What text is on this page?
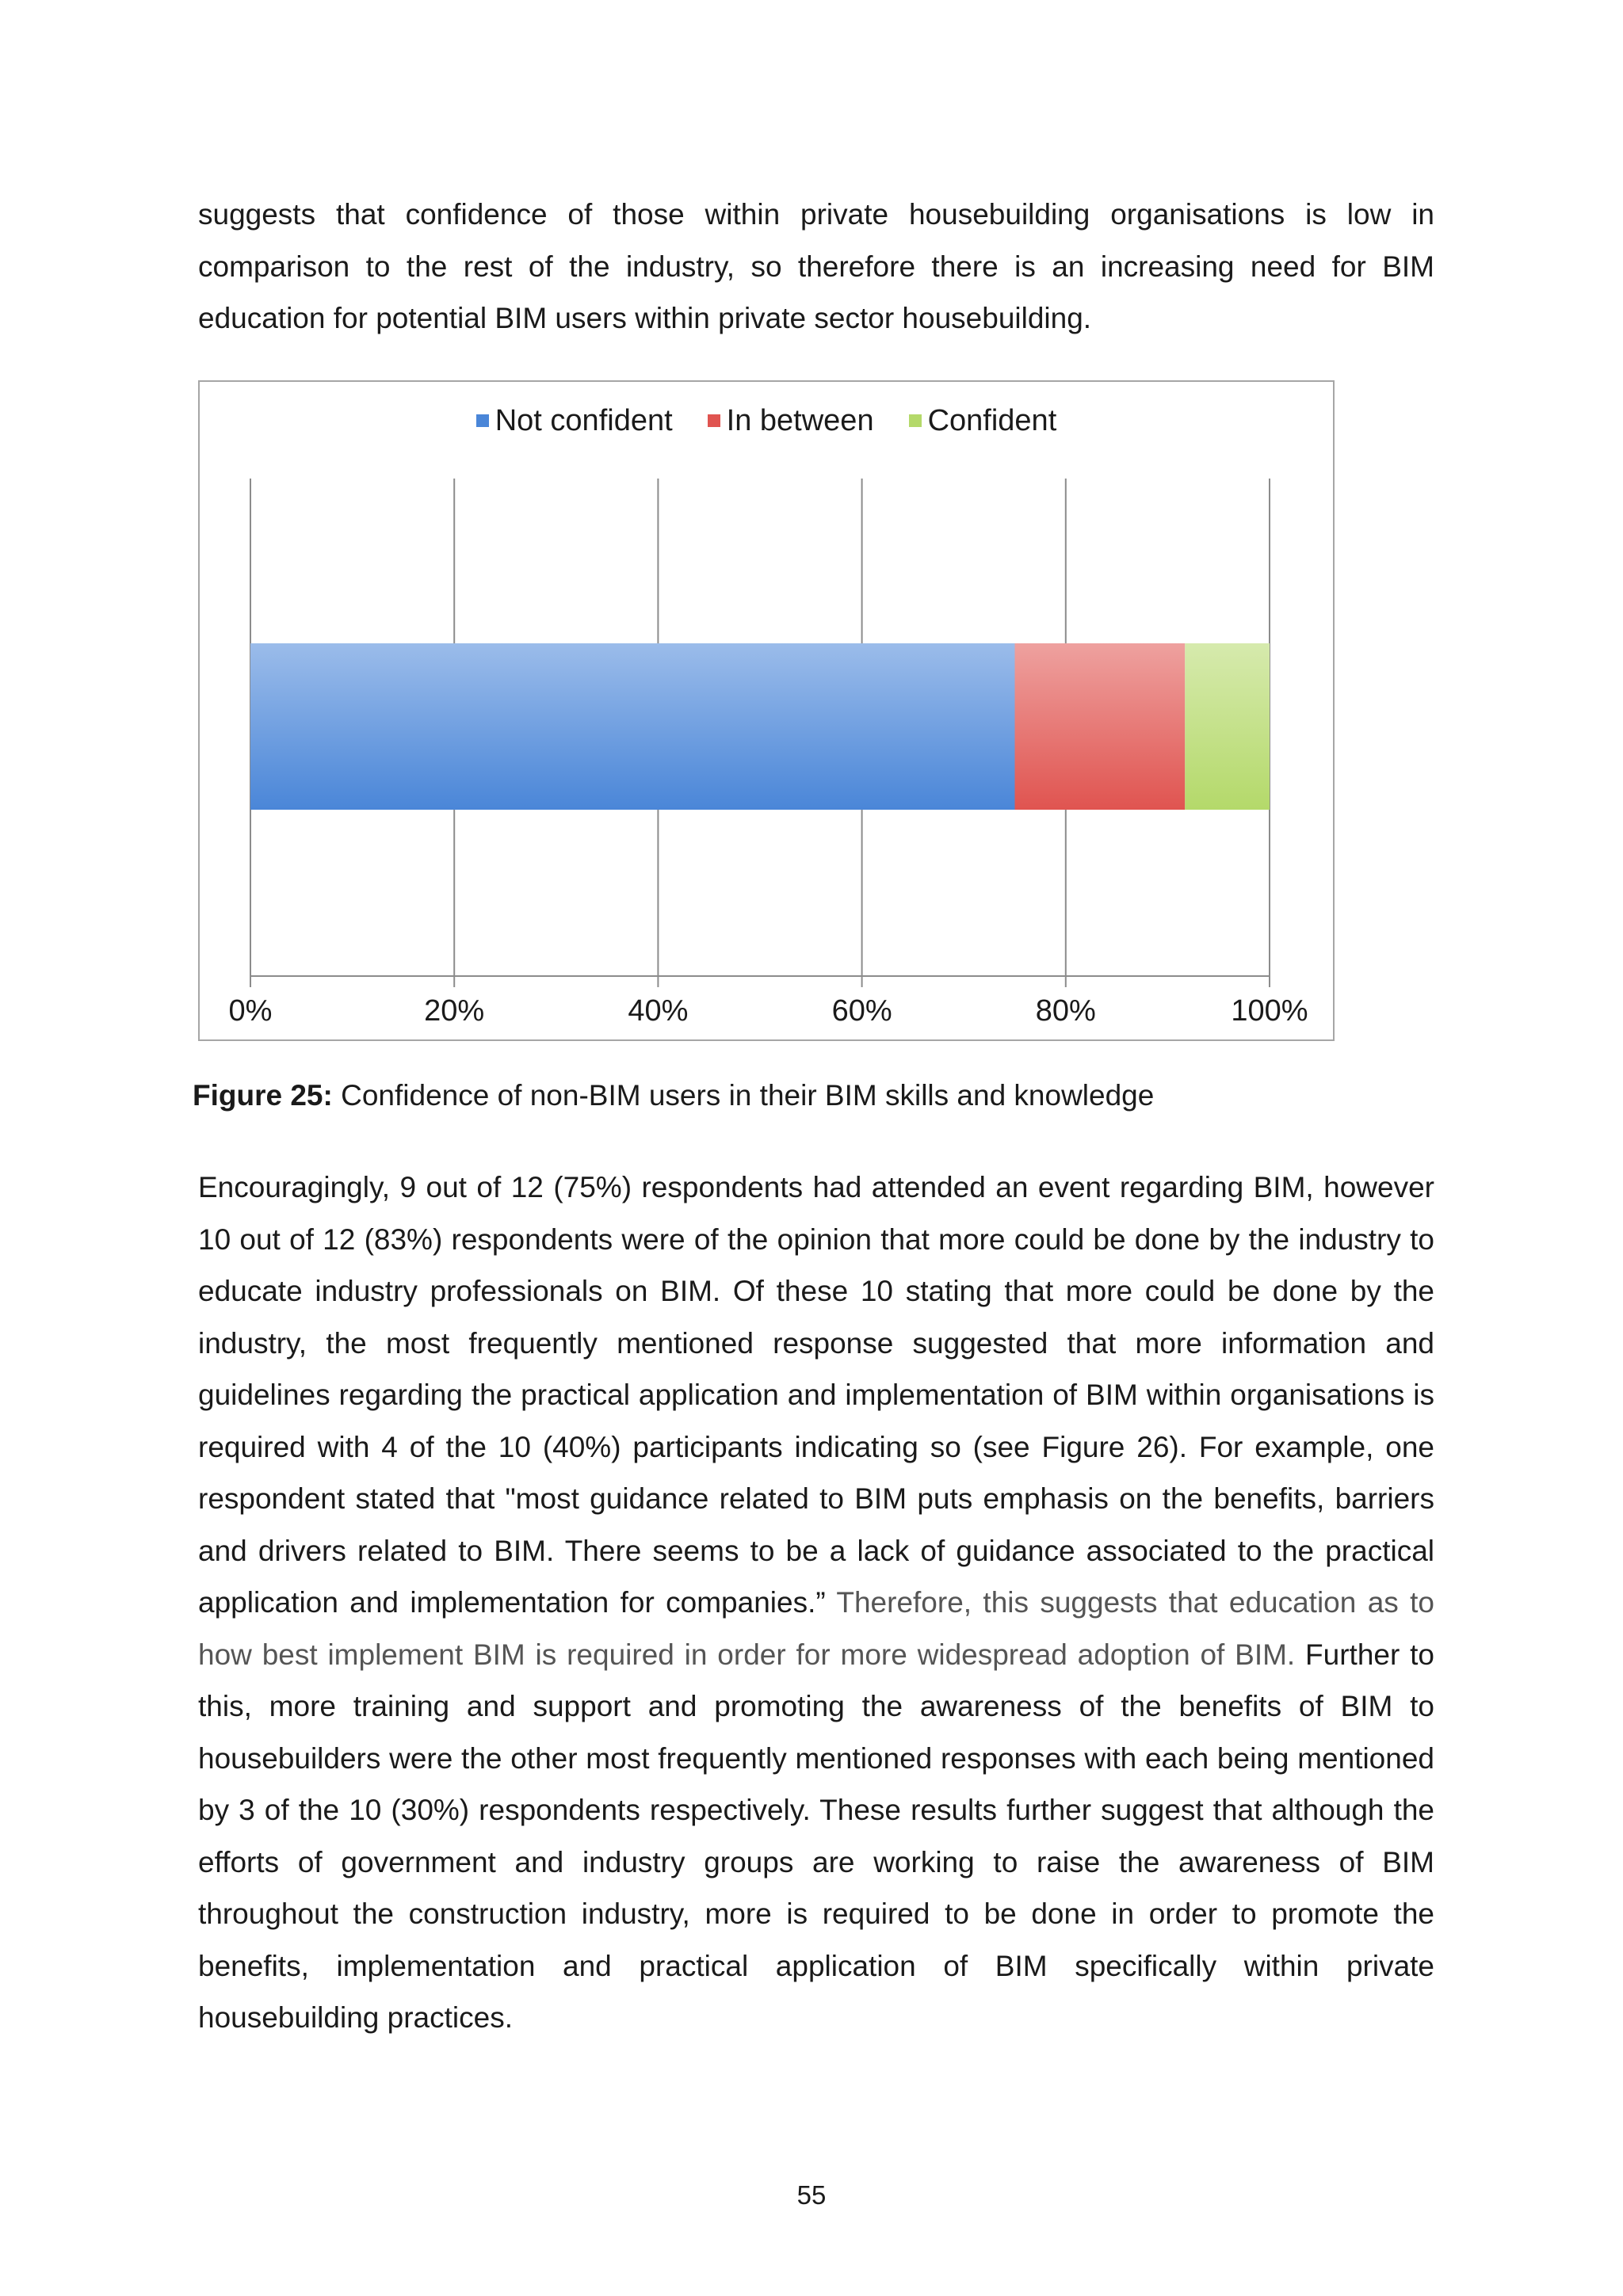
suggests that confidence of those within private housebuilding organisations is low in comparison to the rest of the industry, so therefore there is an increasing need for BIM education for potential BIM users within private sector housebuilding.

Not confident In between Confident
0%	20%	40%	60%	80%	100%

Figure 25: Confidence of non-BIM users in their BIM skills and knowledge

Encouragingly, 9 out of 12 (75%) respondents had attended an event regarding BIM, however 10 out of 12 (83%) respondents were of the opinion that more could be done by the industry to educate industry professionals on BIM. Of these 10 stating that more could be done by the industry, the most frequently mentioned response suggested that more information and guidelines regarding the practical application and implementation of BIM within organisations is required with 4 of the 10 (40%) participants indicating so (see Figure 26). For example, one respondent stated that "most guidance related to BIM puts emphasis on the benefits, barriers and drivers related to BIM. There seems to be a lack of guidance associated to the practical application and implementation for companies.” Therefore, this suggests that education as to how best implement BIM is required in order for more widespread adoption of BIM. Further to this, more training and support and promoting the awareness of the benefits of BIM to housebuilders were the other most frequently mentioned responses with each being mentioned by 3 of the 10 (30%) respondents respectively. These results further suggest that although the efforts of government and industry groups are working to raise the awareness of BIM throughout the construction industry, more is required to be done in order to promote the benefits, implementation and practical application of BIM specifically within private housebuilding practices.

55
